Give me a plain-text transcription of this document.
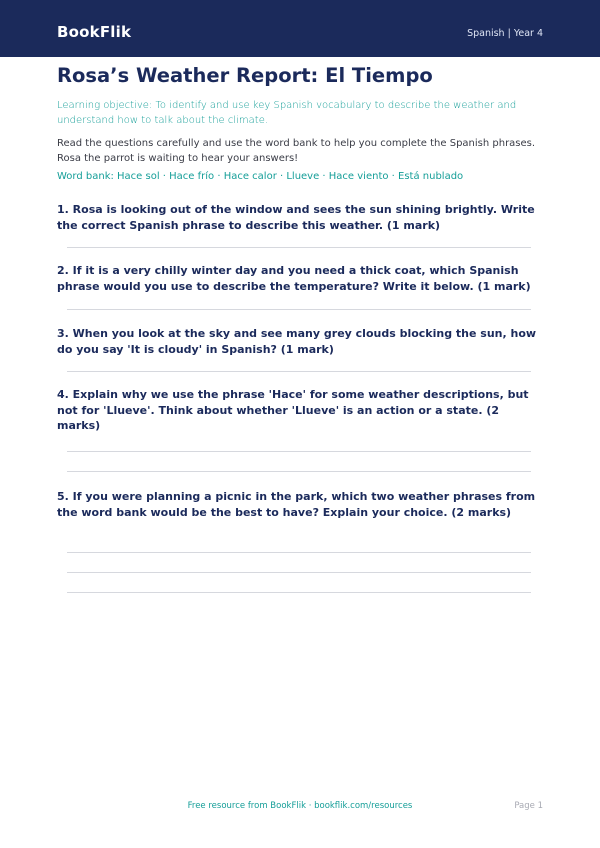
BookFlik	Spanish | Year 4
Rosa’s Weather Report: El Tiempo
Learning objective: To identify and use key Spanish vocabulary to describe the weather and understand how to talk about the climate.
Read the questions carefully and use the word bank to help you complete the Spanish phrases. Rosa the parrot is waiting to hear your answers!
Word bank: Hace sol · Hace frío · Hace calor · Llueve · Hace viento · Está nublado
1. Rosa is looking out of the window and sees the sun shining brightly. Write the correct Spanish phrase to describe this weather. (1 mark)
2. If it is a very chilly winter day and you need a thick coat, which Spanish phrase would you use to describe the temperature? Write it below. (1 mark)
3. When you look at the sky and see many grey clouds blocking the sun, how do you say 'It is cloudy' in Spanish? (1 mark)
4. Explain why we use the phrase 'Hace' for some weather descriptions, but not for 'Llueve'. Think about whether 'Llueve' is an action or a state. (2 marks)
5. If you were planning a picnic in the park, which two weather phrases from the word bank would be the best to have? Explain your choice. (2 marks)
Free resource from BookFlik · bookflik.com/resources	Page 1
